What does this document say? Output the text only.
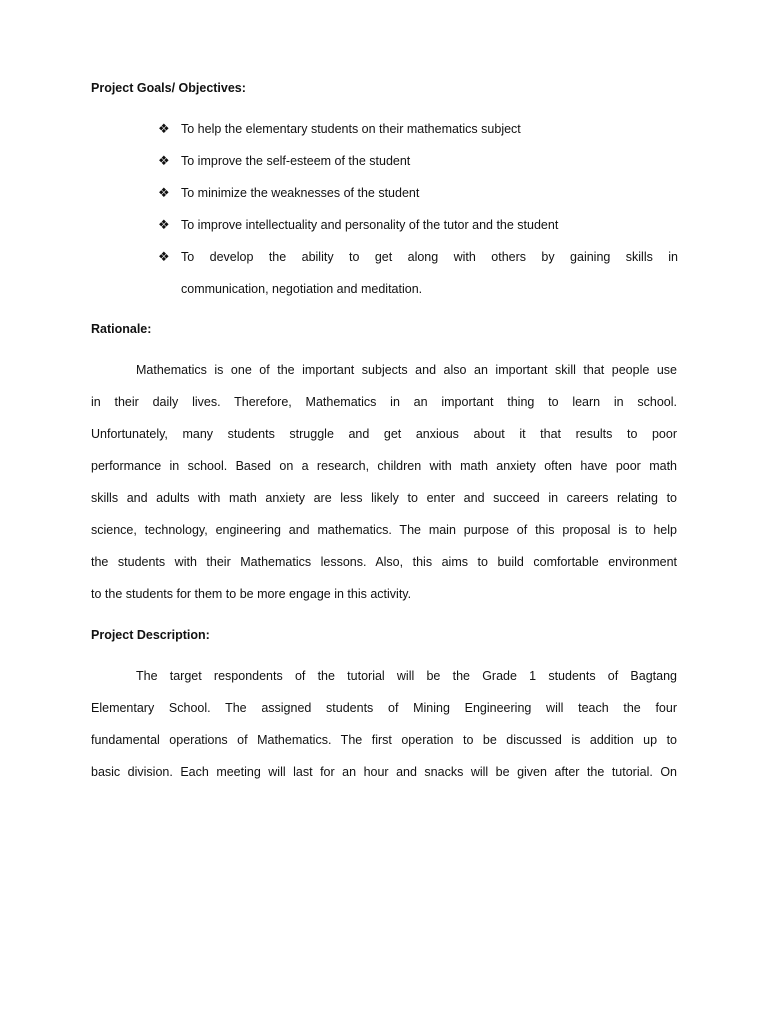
Project Goals/ Objectives:
❖ To help the elementary students on their mathematics subject
❖ To improve the self-esteem of the student
❖ To minimize the weaknesses of the student
❖ To improve intellectuality and personality of the tutor and the student
❖ To develop the ability to get along with others by gaining skills in
communication, negotiation and meditation.
Rationale:
Mathematics is one of the important subjects and also an important skill that people use
in their daily lives. Therefore, Mathematics in an important thing to learn in school.
Unfortunately, many students struggle and get anxious about it that results to poor
performance in school. Based on a research, children with math anxiety often have poor math
skills and adults with math anxiety are less likely to enter and succeed in careers relating to
science, technology, engineering and mathematics. The main purpose of this proposal is to help
the students with their Mathematics lessons. Also, this aims to build comfortable environment
to the students for them to be more engage in this activity.
Project Description:
The target respondents of the tutorial will be the Grade 1 students of Bagtang
Elementary School. The assigned students of Mining Engineering will teach the four
fundamental operations of Mathematics. The first operation to be discussed is addition up to
basic division. Each meeting will last for an hour and snacks will be given after the tutorial. On
